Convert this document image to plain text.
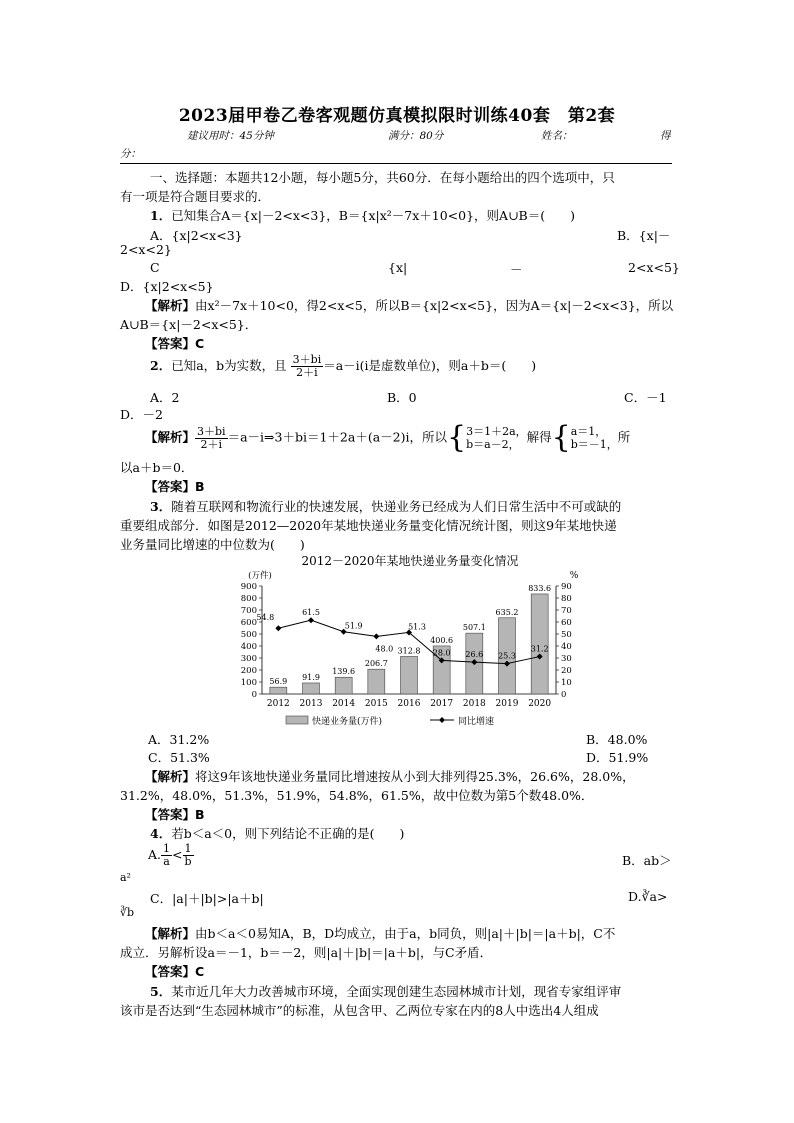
2023届甲卷乙卷客观题仿真模拟限时训练40套　第2套
建议用时：45分钟	满分：80分	姓名：	得
分：
一、选择题：本题共12小题，每小题5分，共60分．在每小题给出的四个选项中，只
有一项是符合题目要求的．
1．已知集合A＝{x|－2<x<3}，B＝{x|x²－7x＋10<0}，则A∪B＝(　　)
A．{x|2<x<3}	B．{x|－
2<x<2}
C	{x|	－	2<x<5}
D．{x|2<x<5}
【解析】由x²－7x＋10<0，得2<x<5，所以B＝{x|2<x<5}，因为A＝{x|－2<x<3}，所以
A∪B＝{x|－2<x<5}．
【答案】C
2．已知a，b为实数，且 $\frac{3+bi}{2+i} =a-i(i$是虚数单位)，则a＋b＝(　　)
A．2	B．0	C．－1
D．－2
【解析】 $\frac{3+bi}{2+i}$ ＝a－i⇒3＋bi＝1＋2a＋(a－2)i，所以{3＝1＋2a，
b＝a－2， 解得{a＝1，
b＝－1，所
以a＋b＝0．
【答案】B
3．随着互联网和物流行业的快速发展，快递业务已经成为人们日常生活中不可或缺的
重要组成部分．如图是2012—2020年某地快递业务量变化情况统计图，则这9年某地快递
业务量同比增速的中位数为(　　)
2012－2020年某地快递业务量变化情况
(万件)	%
56.9 91.9
139.6
206.7
312.8
400.6
507.1
635.2
833.6
54.8
61.5
51.9
48.0
51.3
28.0 26.6 25.3
31.2
0
100
200
300
400
500
600
700
800
900
0
10
20
30
40
50
60
70
80
90
2012 2013 2014 2015 2016 2017 2018 2019 2020
快递业务量(万件)	同比增速
A．31.2%	B．48.0%
C．51.3%	D．51.9%
【解析】将这9年该地快递业务量同比增速按从小到大排列得25.3%，26.6%，28.0%，
31.2%，48.0%，51.3%，51.9%，54.8%，61.5%，故中位数为第5个数48.0%．
【答案】B
4．若b＜a＜0，则下列结论不正确的是(　　)
A. $\frac{1}{a} < \frac{1}{b}$	B．ab＞
a²
C．|a|＋|b|>|a＋b|	D.∛a>
∛b
【解析】由b＜a＜0易知A，B，D均成立，由于a，b同负，则|a|＋|b|＝|a＋b|，C不
成立．另解析设a＝－1，b＝－2，则|a|＋|b|＝|a＋b|，与C矛盾．
【答案】C
5．某市近几年大力改善城市环境，全面实现创建生态园林城市计划，现省专家组评审
该市是否达到“生态园林城市”的标准，从包含甲、乙两位专家在内的8人中选出4人组成
